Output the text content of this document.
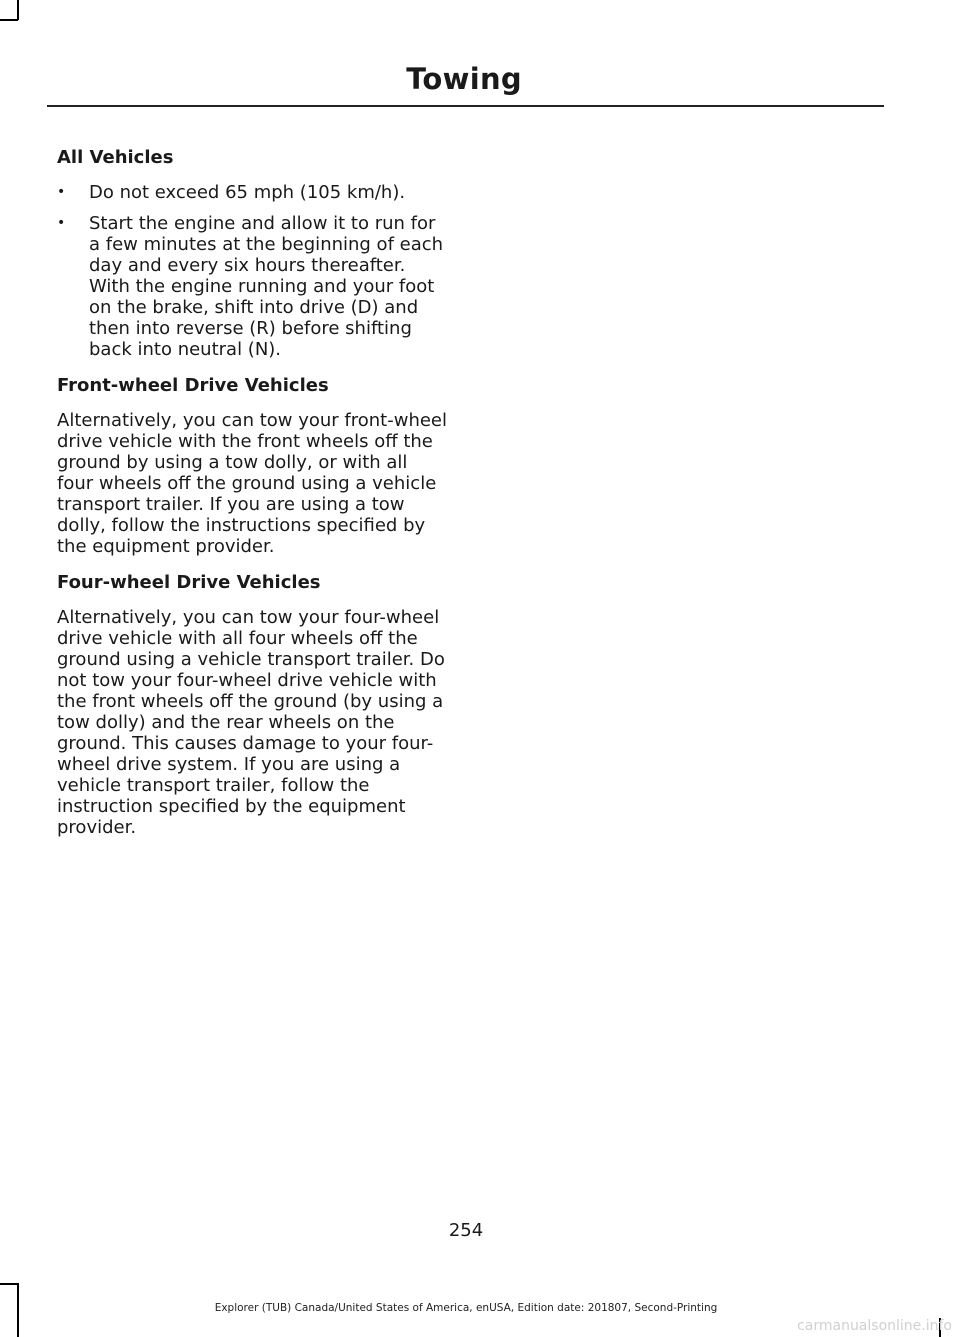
Towing
All Vehicles
• Do not exceed 65 mph (105 km/h).
• Start the engine and allow it to run for a few minutes at the beginning of each day and every six hours thereafter. With the engine running and your foot on the brake, shift into drive (D) and then into reverse (R) before shifting back into neutral (N).
Front-wheel Drive Vehicles

Alternatively, you can tow your front-wheel drive vehicle with the front wheels off the ground by using a tow dolly, or with all four wheels off the ground using a vehicle transport trailer. If you are using a tow dolly, follow the instructions specified by the equipment provider.

Four-wheel Drive Vehicles

Alternatively, you can tow your four-wheel drive vehicle with all four wheels off the ground using a vehicle transport trailer. Do not tow your four-wheel drive vehicle with the front wheels off the ground (by using a tow dolly) and the rear wheels on the ground. This causes damage to your four-wheel drive system. If you are using a vehicle transport trailer, follow the instruction specified by the equipment provider.

254
Explorer (TUB) Canada/United States of America, enUSA, Edition date: 201807, Second-Printing
carmanualsonline.info
